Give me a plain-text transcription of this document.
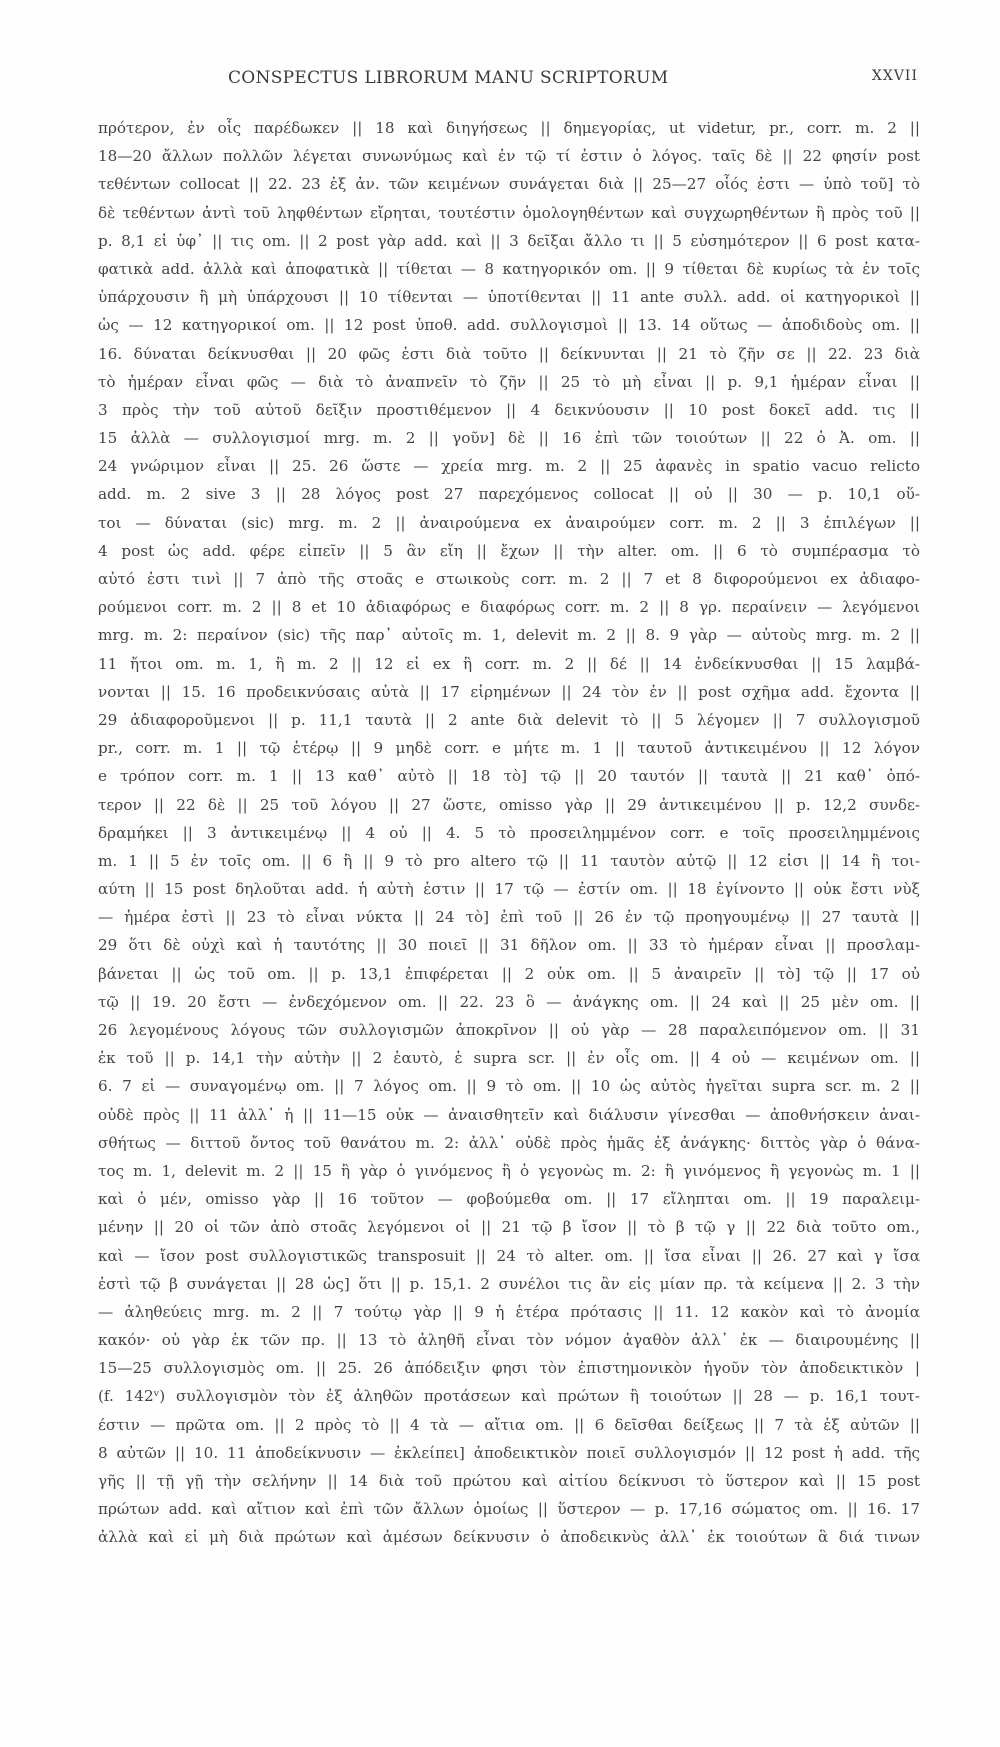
CONSPECTUS LIBRORUM MANU SCRIPTORUM	XXVII
πρότερον, ἐν οἷς παρέδωκεν || 18 καὶ διηγήσεως || δημεγορίας, ut videtur, pr., corr. m. 2 ||
18—20 ἄλλων πολλῶν λέγεται συνωνύμως καὶ ἐν τῷ τί ἐστιν ὁ λόγος. ταῖς δὲ || 22 φησίν post
τεθέντων collocat || 22. 23 ἐξ ἀν. τῶν κειμένων συνάγεται διὰ || 25—27 οἷός ἐστι — ὑπὸ τοῦ] τὸ
δὲ τεθέντων ἀντὶ τοῦ ληφθέντων εἴρηται, τουτέστιν ὁμολογηθέντων καὶ συγχωρηθέντων ἢ πρὸς τοῦ ||
p. 8,1 εἰ ὑφ᾽ || τις om. || 2 post γὰρ add. καὶ || 3 δεῖξαι ἄλλο τι || 5 εὐσημότερον || 6 post κατα-
φατικὰ add. ἀλλὰ καὶ ἀποφατικὰ || τίθεται — 8 κατηγορικόν om. || 9 τίθεται δὲ κυρίως τὰ ἐν τοῖς
ὑπάρχουσιν ἢ μὴ ὑπάρχουσι || 10 τίθενται — ὑποτίθενται || 11 ante συλλ. add. οἱ κατηγορικοὶ ||
ὡς — 12 κατηγορικοί om. || 12 post ὑποθ. add. συλλογισμοὶ || 13. 14 οὕτως — ἀποδιδοὺς om. ||
16. δύναται δείκνυσθαι || 20 φῶς ἐστι διὰ τοῦτο || δείκνυνται || 21 τὸ ζῆν σε || 22. 23 διὰ
τὸ ἡμέραν εἶναι φῶς — διὰ τὸ ἀναπνεῖν τὸ ζῆν || 25 τὸ μὴ εἶναι || p. 9,1 ἡμέραν εἶναι ||
3 πρὸς τὴν τοῦ αὐτοῦ δεῖξιν προστιθέμενον || 4 δεικνύουσιν || 10 post δοκεῖ add. τις ||
15 ἀλλὰ — συλλογισμοί mrg. m. 2 || γοῦν] δὲ || 16 ἐπὶ τῶν τοιούτων || 22 ὁ Ἀ. om. ||
24 γνώριμον εἶναι || 25. 26 ὥστε — χρεία mrg. m. 2 || 25 ἀφανὲς in spatio vacuo relicto
add. m. 2 sive 3 || 28 λόγος post 27 παρεχόμενος collocat || οὐ || 30 — p. 10,1 οὕ-
τοι — δύναται (sic) mrg. m. 2 || ἀναιρούμενα ex ἀναιρούμεν corr. m. 2 || 3 ἐπιλέγων ||
4 post ὡς add. φέρε εἰπεῖν || 5 ἂν εἴη || ἔχων || τὴν alter. om. || 6 τὸ συμπέρασμα τὸ
αὐτό ἐστι τινὶ || 7 ἀπὸ τῆς στοᾶς e στωικοὺς corr. m. 2 || 7 et 8 διφορούμενοι ex ἀδιαφο-
ρούμενοι corr. m. 2 || 8 et 10 ἀδιαφόρως e διαφόρως corr. m. 2 || 8 γρ. περαίνειν — λεγόμενοι
mrg. m. 2: περαίνον (sic) τῆς παρ᾽ αὐτοῖς m. 1, delevit m. 2 || 8. 9 γὰρ — αὐτοὺς mrg. m. 2 ||
11 ἤτοι om. m. 1, ἢ m. 2 || 12 εἰ ex ἢ corr. m. 2 || δέ || 14 ἐνδείκνυσθαι || 15 λαμβά-
νονται || 15. 16 προδεικνύσαις αὐτὰ || 17 εἰρημένων || 24 τὸν ἐν || post σχῆμα add. ἔχοντα ||
29 ἀδιαφοροῦμενοι || p. 11,1 ταυτὰ || 2 ante διὰ delevit τὸ || 5 λέγομεν || 7 συλλογισμοῦ
pr., corr. m. 1 || τῷ ἑτέρῳ || 9 μηδὲ corr. e μήτε m. 1 || ταυτοῦ ἀντικειμένου || 12 λόγον
e τρόπον corr. m. 1 || 13 καθ᾽ αὐτὸ || 18 τὸ] τῷ || 20 ταυτόν || ταυτὰ || 21 καθ᾽ ὁπό-
τερον || 22 δὲ || 25 τοῦ λόγου || 27 ὥστε, omisso γὰρ || 29 ἀντικειμένου || p. 12,2 συνδε-
δραμήκει || 3 ἀντικειμένῳ || 4 οὐ || 4. 5 τὸ προσειλημμένον corr. e τοῖς προσειλημμένοις
m. 1 || 5 ἐν τοῖς om. || 6 ἢ || 9 τὸ pro altero τῷ || 11 ταυτὸν αὐτῷ || 12 εἰσι || 14 ἢ τοι-
αύτη || 15 post δηλοῦται add. ἡ αὐτὴ ἐστιν || 17 τῷ — ἐστίν om. || 18 ἐγίνοντο || οὐκ ἔστι νὺξ
— ἡμέρα ἐστὶ || 23 τὸ εἶναι νύκτα || 24 τὸ] ἐπὶ τοῦ || 26 ἐν τῷ προηγουμένῳ || 27 ταυτὰ ||
29 ὅτι δὲ οὐχὶ καὶ ἡ ταυτότης || 30 ποιεῖ || 31 δῆλον om. || 33 τὸ ἡμέραν εἶναι || προσλαμ-
βάνεται || ὡς τοῦ om. || p. 13,1 ἐπιφέρεται || 2 οὐκ om. || 5 ἀναιρεῖν || τὸ] τῷ || 17 οὐ
τῷ || 19. 20 ἔστι — ἐνδεχόμενον om. || 22. 23 ὃ — ἀνάγκης om. || 24 καὶ || 25 μὲν om. ||
26 λεγομένους λόγους τῶν συλλογισμῶν ἀποκρῖνον || οὐ γὰρ — 28 παραλειπόμενον om. || 31
ἐκ τοῦ || p. 14,1 τὴν αὐτὴν || 2 ἑαυτὸ, ἑ supra scr. || ἐν οἷς om. || 4 οὐ — κειμένων om. ||
6. 7 εἰ — συναγομένῳ om. || 7 λόγος om. || 9 τὸ om. || 10 ὡς αὐτὸς ἡγεῖται supra scr. m. 2 ||
οὐδὲ πρὸς || 11 ἀλλ᾽ ἡ || 11—15 οὐκ — ἀναισθητεῖν καὶ διάλυσιν γίνεσθαι — ἀποθνήσκειν ἀναι-
σθήτως — διττοῦ ὄντος τοῦ θανάτου m. 2: ἀλλ᾽ οὐδὲ πρὸς ἡμᾶς ἐξ ἀνάγκης· διττὸς γὰρ ὁ θάνα-
τος m. 1, delevit m. 2 || 15 ἢ γὰρ ὁ γινόμενος ἢ ὁ γεγονὼς m. 2: ἢ γινόμενος ἢ γεγονὼς m. 1 ||
καὶ ὁ μέν, omisso γὰρ || 16 τοῦτον — φοβούμεθα om. || 17 εἴληπται om. || 19 παραλειμ-
μένην || 20 οἱ τῶν ἀπὸ στοᾶς λεγόμενοι οἱ || 21 τῷ β ἴσον || τὸ β τῷ γ || 22 διὰ τοῦτο om.,
καὶ — ἴσον post συλλογιστικῶς transposuit || 24 τὸ alter. om. || ἴσα εἶναι || 26. 27 καὶ γ ἴσα
ἐστὶ τῷ β συνάγεται || 28 ὡς] ὅτι || p. 15,1. 2 συνέλοι τις ἂν εἰς μίαν πρ. τὰ κείμενα || 2. 3 τὴν
— ἀληθεύεις mrg. m. 2 || 7 τούτῳ γὰρ || 9 ἡ ἑτέρα πρότασις || 11. 12 κακὸν καὶ τὸ ἀνομία
κακόν· οὐ γὰρ ἐκ τῶν πρ. || 13 τὸ ἀληθῆ εἶναι τὸν νόμον ἀγαθὸν ἀλλ᾽ ἐκ — διαιρουμένης ||
15—25 συλλογισμὸς om. || 25. 26 ἀπόδειξιν φησι τὸν ἐπιστημονικὸν ἡγοῦν τὸν ἀποδεικτικὸν |
(f. 142ᵛ) συλλογισμὸν τὸν ἐξ ἀληθῶν προτάσεων καὶ πρώτων ἢ τοιούτων || 28 — p. 16,1 τουτ-
έστιν — πρῶτα om. || 2 πρὸς τὸ || 4 τὰ — αἴτια om. || 6 δεῖσθαι δείξεως || 7 τὰ ἐξ αὐτῶν ||
8 αὐτῶν || 10. 11 ἀποδείκνυσιν — ἐκλείπει] ἀποδεικτικὸν ποιεῖ συλλογισμόν || 12 post ἡ add. τῆς
γῆς || τῇ γῇ τὴν σελήνην || 14 διὰ τοῦ πρώτου καὶ αἰτίου δείκνυσι τὸ ὕστερον καὶ || 15 post
πρώτων add. καὶ αἴτιον καὶ ἐπὶ τῶν ἄλλων ὁμοίως || ὕστερον — p. 17,16 σώματος om. || 16. 17
ἀλλὰ καὶ εἰ μὴ διὰ πρώτων καὶ ἀμέσων δείκνυσιν ὁ ἀποδεικνὺς ἀλλ᾽ ἐκ τοιούτων ἃ διά τινων
